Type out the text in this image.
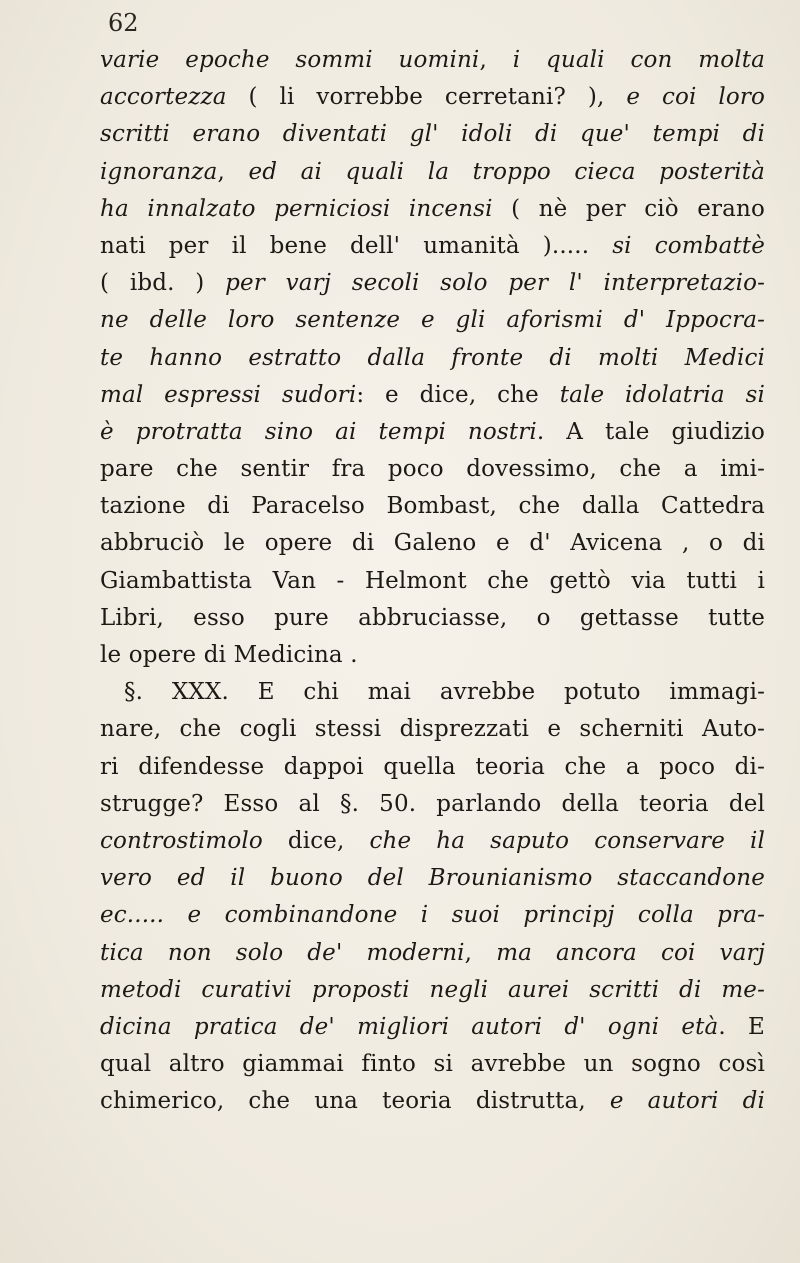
62
varie epoche sommi uomini, i quali con molta
accortezza ( li vorrebbe cerretani? ), e coi loro
scritti erano diventati gl' idoli di que' tempi di
ignoranza, ed ai quali la troppo cieca posterità
ha innalzato perniciosi incensi ( nè per ciò erano
nati per il bene dell' umanità )..... si combattè
( ibd. ) per varj secoli solo per l' interpretazio-
ne delle loro sentenze e gli aforismi d' Ippocra-
te hanno estratto dalla fronte di molti Medici
mal espressi sudori: e dice, che tale idolatria si
è protratta sino ai tempi nostri. A tale giudizio
pare che sentir fra poco dovessimo, che a imi-
tazione di Paracelso Bombast, che dalla Cattedra
abbruciò le opere di Galeno e d' Avicena , o di
Giambattista Van - Helmont che gettò via tutti i
Libri, esso pure abbruciasse, o gettasse tutte
le opere di Medicina .
§. XXX. E chi mai avrebbe potuto immagi-
nare, che cogli stessi disprezzati e scherniti Auto-
ri difendesse dappoi quella teoria che a poco di-
strugge? Esso al §. 50. parlando della teoria del
controstimolo dice, che ha saputo conservare il
vero ed il buono del Brounianismo staccandone
ec..... e combinandone i suoi principj colla pra-
tica non solo de' moderni, ma ancora coi varj
metodi curativi proposti negli aurei scritti di me-
dicina pratica de' migliori autori d' ogni età. E
qual altro giammai finto si avrebbe un sogno così
chimerico, che una teoria distrutta, e autori di
